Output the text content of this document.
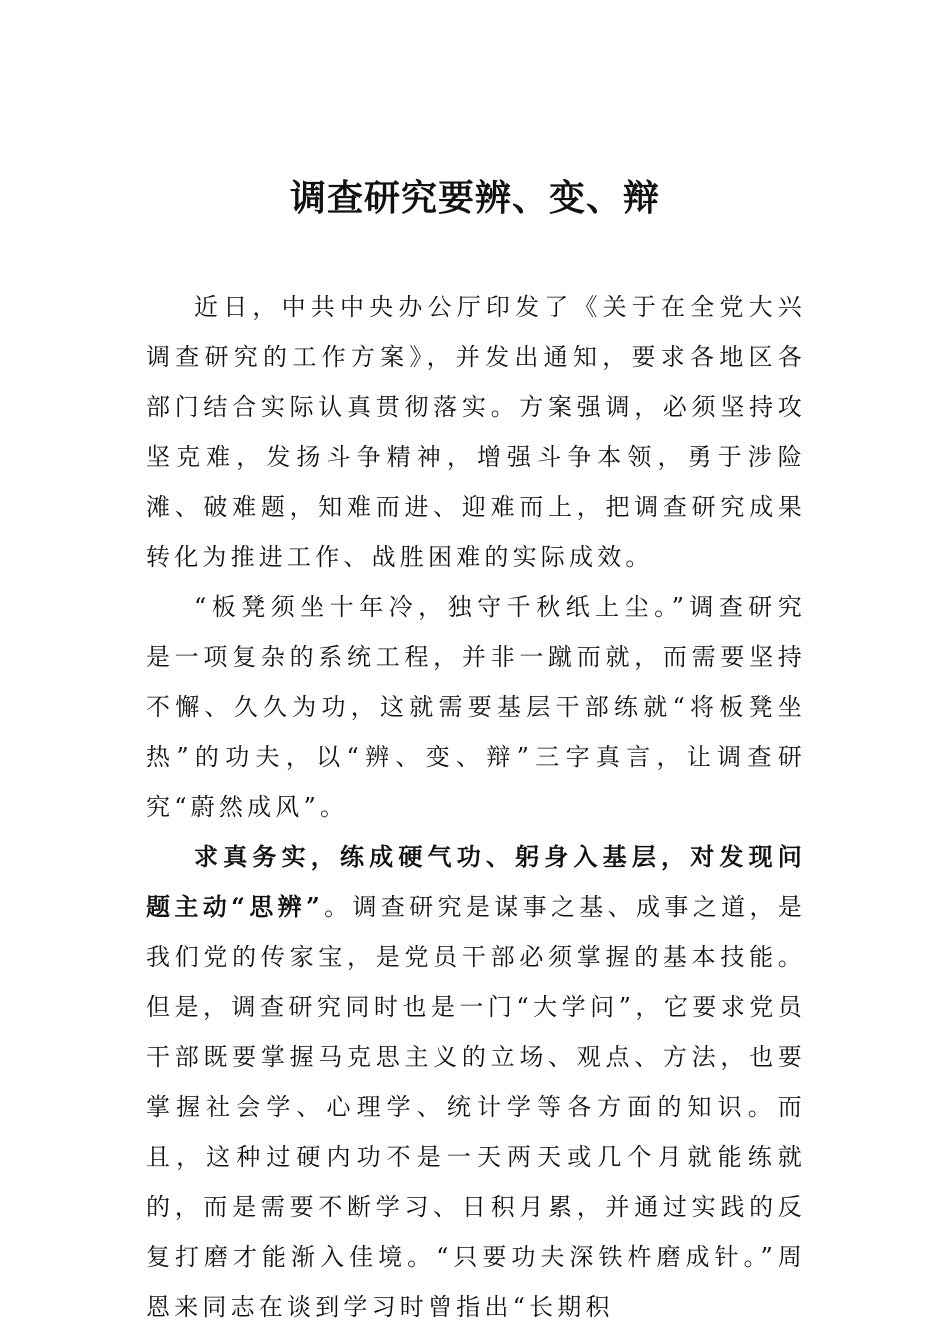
调查研究要辨、变、辩

近日，中共中央办公厅印发了《关于在全党大兴调查研究的工作方案》，并发出通知，要求各地区各部门结合实际认真贯彻落实。方案强调，必须坚持攻坚克难，发扬斗争精神，增强斗争本领，勇于涉险滩、破难题，知难而进、迎难而上，把调查研究成果转化为推进工作、战胜困难的实际成效。

“板凳须坐十年冷，独守千秋纸上尘。”调查研究是一项复杂的系统工程，并非一蹴而就，而需要坚持不懈、久久为功，这就需要基层干部练就“将板凳坐热”的功夫，以“辨、变、辩”三字真言，让调查研究“蔚然成风”。

求真务实，练成硬气功、躬身入基层，对发现问题主动“思辨”。调查研究是谋事之基、成事之道，是我们党的传家宝，是党员干部必须掌握的基本技能。但是，调查研究同时也是一门“大学问”，它要求党员干部既要掌握马克思主义的立场、观点、方法，也要掌握社会学、心理学、统计学等各方面的知识。而且，这种过硬内功不是一天两天或几个月就能练就的，而是需要不断学习、日积月累，并通过实践的反复打磨才能渐入佳境。“只要功夫深铁杵磨成针。”周恩来同志在谈到学习时曾指出“长期积
